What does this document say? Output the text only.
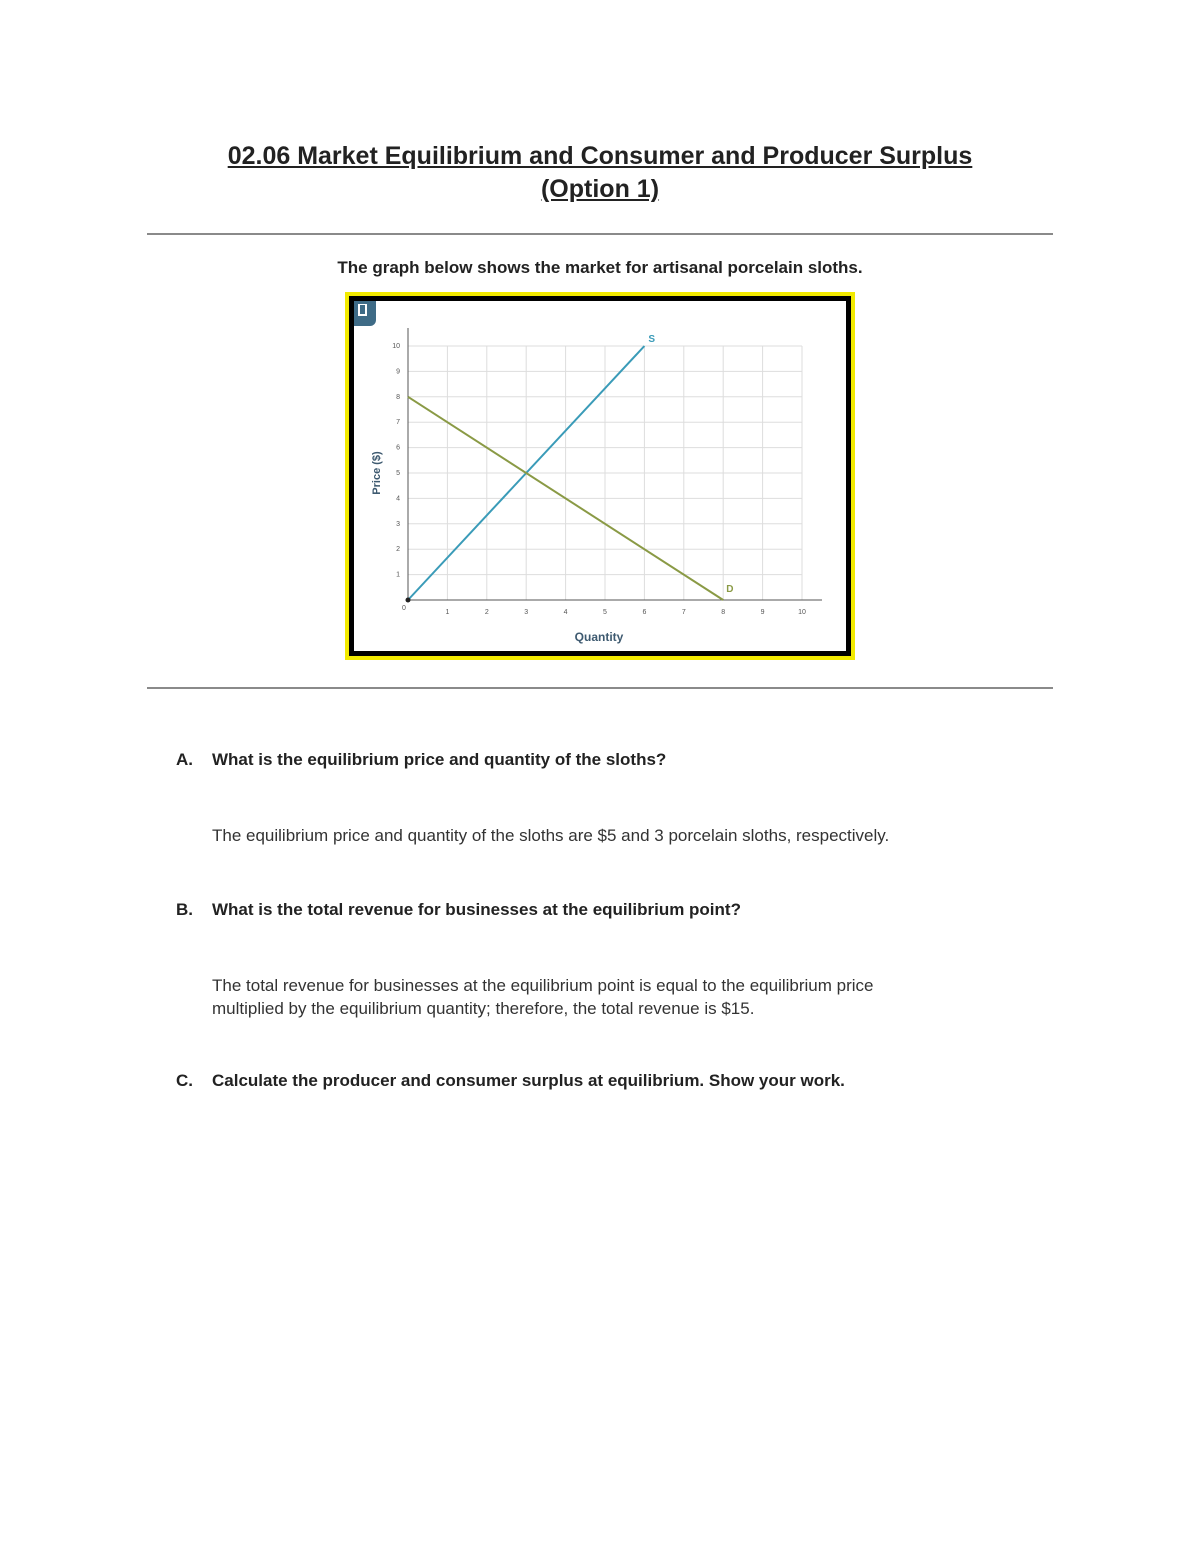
02.06 Market Equilibrium and Consumer and Producer Surplus
(Option 1)

The graph below shows the market for artisanal porcelain sloths.

0
1	2	3	4	5	6	7	8	9	10
1
2
3
4
5
6
7
8
9
10
Quantity
Price ($)
S
D

A. What is the equilibrium price and quantity of the sloths?

The equilibrium price and quantity of the sloths are $5 and 3 porcelain sloths, respectively.

B. What is the total revenue for businesses at the equilibrium point?

The total revenue for businesses at the equilibrium point is equal to the equilibrium price

multiplied by the equilibrium quantity; therefore, the total revenue is $15.

C. Calculate the producer and consumer surplus at equilibrium. Show your work.
